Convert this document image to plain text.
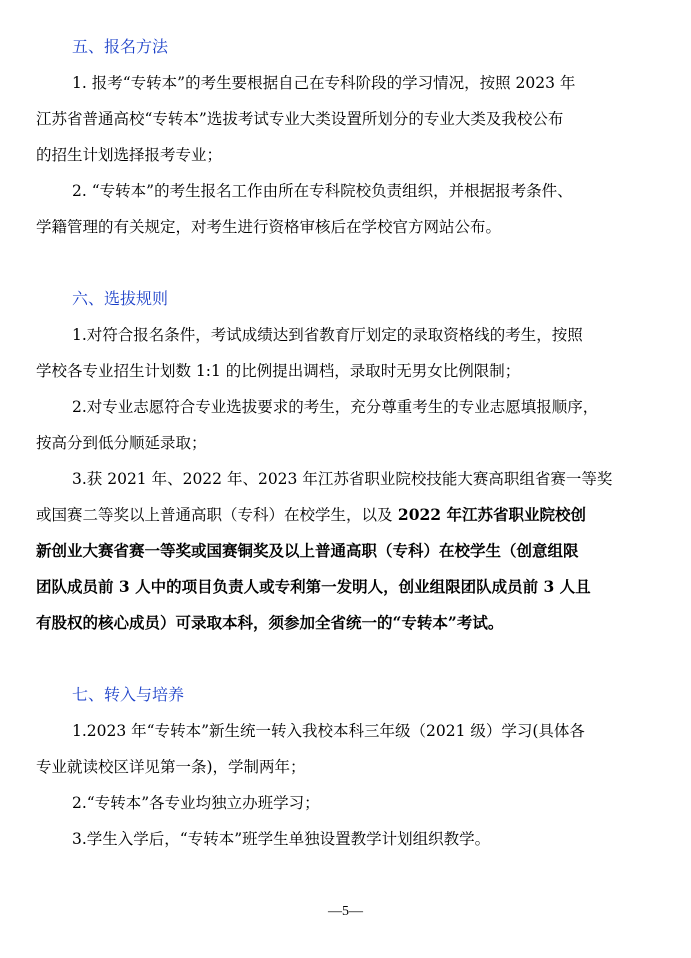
五、报名方法
1. 报考“专转本”的考生要根据自己在专科阶段的学习情况，按照 2023 年
江苏省普通高校“专转本”选拔考试专业大类设置所划分的专业大类及我校公布
的招生计划选择报考专业；
2. “专转本”的考生报名工作由所在专科院校负责组织，并根据报考条件、
学籍管理的有关规定，对考生进行资格审核后在学校官方网站公布。
六、选拔规则
1.对符合报名条件，考试成绩达到省教育厅划定的录取资格线的考生，按照
学校各专业招生计划数 1:1 的比例提出调档，录取时无男女比例限制；
2.对专业志愿符合专业选拔要求的考生，充分尊重考生的专业志愿填报顺序，
按高分到低分顺延录取；
3.获 2021 年、2022 年、2023 年江苏省职业院校技能大赛高职组省赛一等奖
或国赛二等奖以上普通高职（专科）在校学生，以及 2022 年江苏省职业院校创
新创业大赛省赛一等奖或国赛铜奖及以上普通高职（专科）在校学生（创意组限
团队成员前 3 人中的项目负责人或专利第一发明人，创业组限团队成员前 3 人且
有股权的核心成员）可录取本科，须参加全省统一的“专转本”考试。
七、转入与培养
1.2023 年“专转本”新生统一转入我校本科三年级（2021 级）学习(具体各
专业就读校区详见第一条)，学制两年；
2.“专转本”各专业均独立办班学习；
3.学生入学后，“专转本”班学生单独设置教学计划组织教学。
—5—
